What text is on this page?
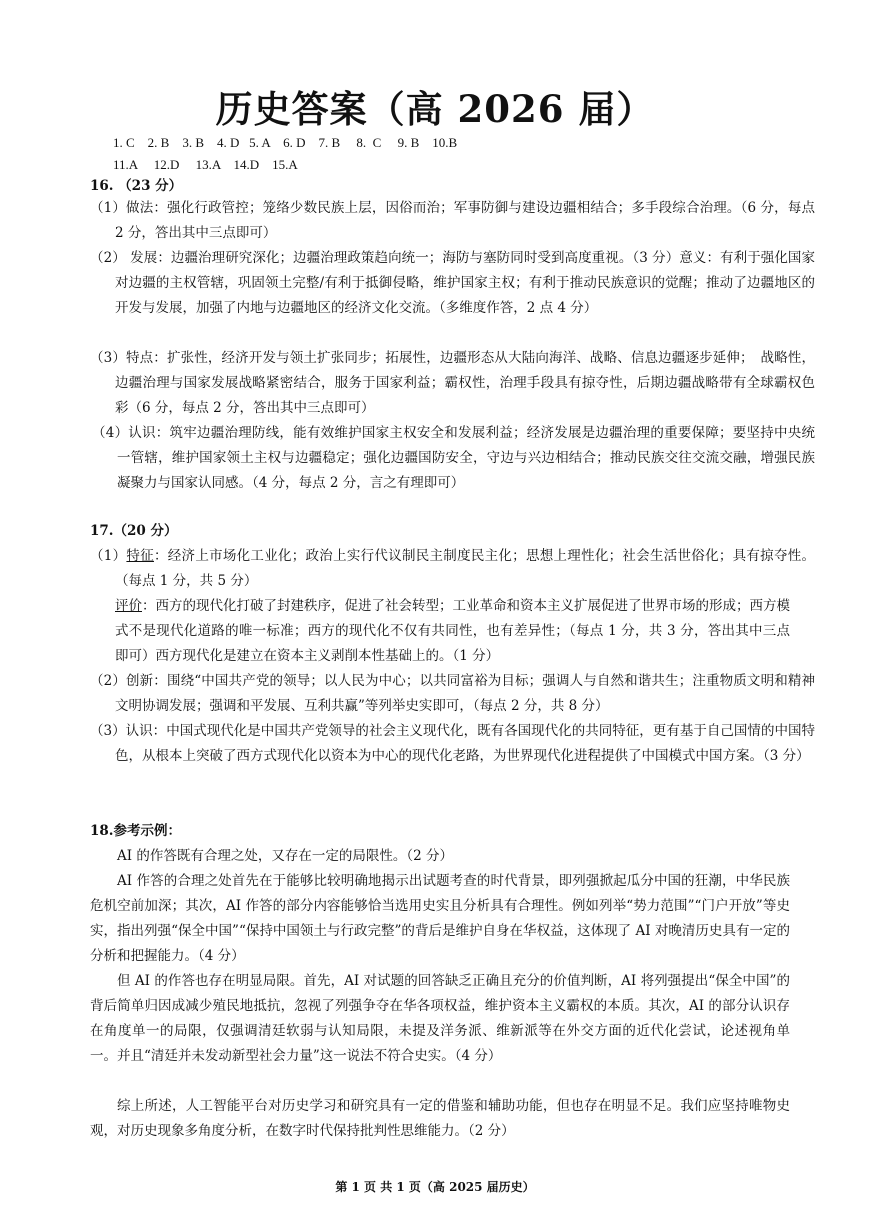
历史答案（高 2026 届）
1. C    2. B    3. B    4. D   5. A    6. D    7. B     8.  C     9. B    10.B
11.A     12.D     13.A    14.D    15.A
16. （23 分）

（1）做法：强化行政管控；笼络少数民族上层，因俗而治；军事防御与建设边疆相结合；多手段综合治理。（6 分，每点 2 分，答出其中三点即可）

（2） 发展：边疆治理研究深化；边疆治理政策趋向统一；海防与塞防同时受到高度重视。（3 分）意义：有利于强化国家对边疆的主权管辖，巩固领土完整/有利于抵御侵略，维护国家主权；有利于推动民族意识的觉醒；推动了边疆地区的开发与发展，加强了内地与边疆地区的经济文化交流。（多维度作答，2 点 4 分）

（3）特点：扩张性，经济开发与领土扩张同步；拓展性，边疆形态从大陆向海洋、战略、信息边疆逐步延伸；　战略性，边疆治理与国家发展战略紧密结合，服务于国家利益；霸权性，治理手段具有掠夺性，后期边疆战略带有全球霸权色彩（6 分，每点 2 分，答出其中三点即可）

（4）认识：筑牢边疆治理防线，能有效维护国家主权安全和发展利益；经济发展是边疆治理的重要保障；要坚持中央统一管辖，维护国家领土主权与边疆稳定；强化边疆国防安全，守边与兴边相结合；推动民族交往交流交融，增强民族凝聚力与国家认同感。（4 分，每点 2 分，言之有理即可）

17.（20 分）

（1）特征：经济上市场化工业化；政治上实行代议制民主制度民主化；思想上理性化；社会生活世俗化；具有掠夺性。（每点 1 分，共 5 分）

评价：西方的现代化打破了封建秩序，促进了社会转型；工业革命和资本主义扩展促进了世界市场的形成；西方模式不是现代化道路的唯一标准；西方的现代化不仅有共同性，也有差异性；（每点 1 分，共 3 分，答出其中三点即可）西方现代化是建立在资本主义剥削本性基础上的。（1 分）

（2）创新：围绕“中国共产党的领导；以人民为中心；以共同富裕为目标；强调人与自然和谐共生；注重物质文明和精神文明协调发展；强调和平发展、互利共赢”等列举史实即可，（每点 2 分，共 8 分）

（3）认识：中国式现代化是中国共产党领导的社会主义现代化，既有各国现代化的共同特征，更有基于自己国情的中国特色，从根本上突破了西方式现代化以资本为中心的现代化老路，为世界现代化进程提供了中国模式中国方案。（3 分）

18.参考示例：

AI 的作答既有合理之处，又存在一定的局限性。（2 分）

AI 作答的合理之处首先在于能够比较明确地揭示出试题考查的时代背景，即列强掀起瓜分中国的狂潮，中华民族危机空前加深；其次，AI 作答的部分内容能够恰当选用史实且分析具有合理性。例如列举“势力范围”“门户开放”等史实，指出列强“保全中国”“保持中国领土与行政完整”的背后是维护自身在华权益，这体现了 AI 对晚清历史具有一定的分析和把握能力。（4 分）

但 AI 的作答也存在明显局限。首先，AI 对试题的回答缺乏正确且充分的价值判断，AI 将列强提出“保全中国”的背后简单归因成减少殖民地抵抗，忽视了列强争夺在华各项权益，维护资本主义霸权的本质。其次，AI 的部分认识存在角度单一的局限，仅强调清廷软弱与认知局限，未提及洋务派、维新派等在外交方面的近代化尝试，论述视角单一。并且“清廷并未发动新型社会力量”这一说法不符合史实。（4 分）

综上所述，人工智能平台对历史学习和研究具有一定的借鉴和辅助功能，但也存在明显不足。我们应坚持唯物史观，对历史现象多角度分析，在数字时代保持批判性思维能力。（2 分）

第 1 页 共 1 页（高 2025 届历史）
